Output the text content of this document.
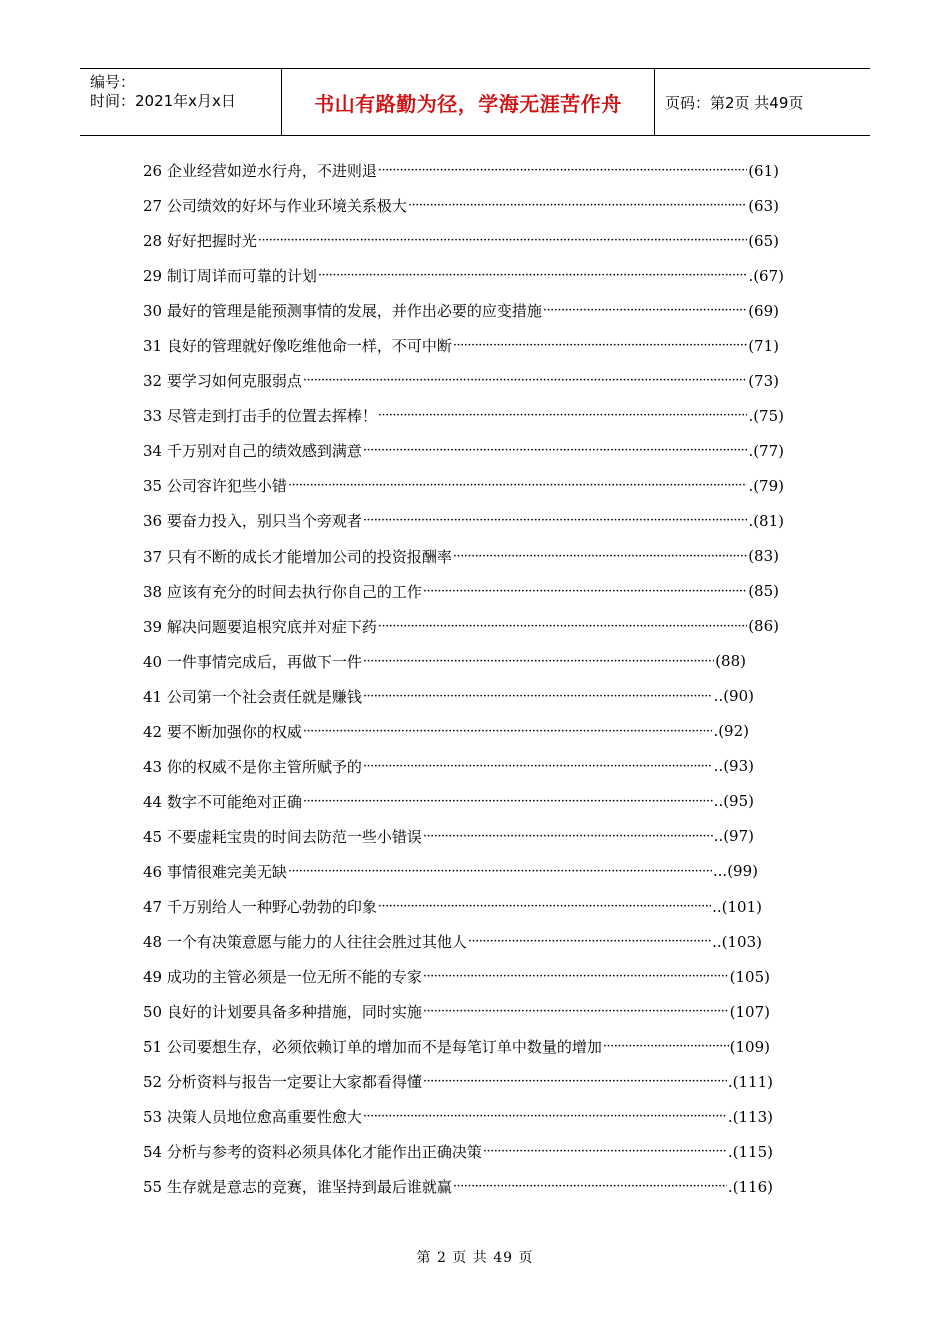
编号：
时间：2021年x月x日	书山有路勤为径，学海无涯苦作舟	页码：第2页 共49页
26 企业经营如逆水行舟，不进则退 ·····	(61)
27 公司绩效的好坏与作业环境关系极大 ·····	(63)
28 好好把握时光 ·····	(65)
29 制订周详而可靠的计划 ·····	.(67)
30 最好的管理是能预测事情的发展，并作出必要的应变措施 ·····	(69)
31 良好的管理就好像吃维他命一样，不可中断 ·····	(71)
32 要学习如何克服弱点 ·····	(73)
33 尽管走到打击手的位置去挥棒！ ·····	.(75)
34 千万别对自己的绩效感到满意 ·····	.(77)
35 公司容许犯些小错 ·····	.(79)
36 要奋力投入，别只当个旁观者 ·····	.(81)
37 只有不断的成长才能增加公司的投资报酬率 ·····	(83)
38 应该有充分的时间去执行你自己的工作 ·····	(85)
39 解决问题要追根究底并对症下药 ·····	(86)
40 一件事情完成后，再做下一件 ·····	(88)
41 公司第一个社会责任就是赚钱 ·····	..(90)
42 要不断加强你的权威 ·····	.(92)
43 你的权威不是你主管所赋予的 ·····	..(93)
44 数字不可能绝对正确 ·····	..(95)
45 不要虚耗宝贵的时间去防范一些小错误 ·····	..(97)
46 事情很难完美无缺 ·····	...(99)
47 千万别给人一种野心勃勃的印象 ·····	..(101)
48 一个有决策意愿与能力的人往往会胜过其他人 ·····	..(103)
49 成功的主管必须是一位无所不能的专家 ·····	(105)
50 良好的计划要具备多种措施，同时实施 ·····	(107)
51 公司要想生存，必须依赖订单的增加而不是每笔订单中数量的增加 ·····	(109)
52 分析资料与报告一定要让大家都看得懂 ·····	.(111)
53 决策人员地位愈高重要性愈大 ·····	.(113)
54 分析与参考的资料必须具体化才能作出正确决策 ·····	.(115)
55 生存就是意志的竞赛，谁坚持到最后谁就赢 ·····	.(116)
第 2 页 共 49 页
